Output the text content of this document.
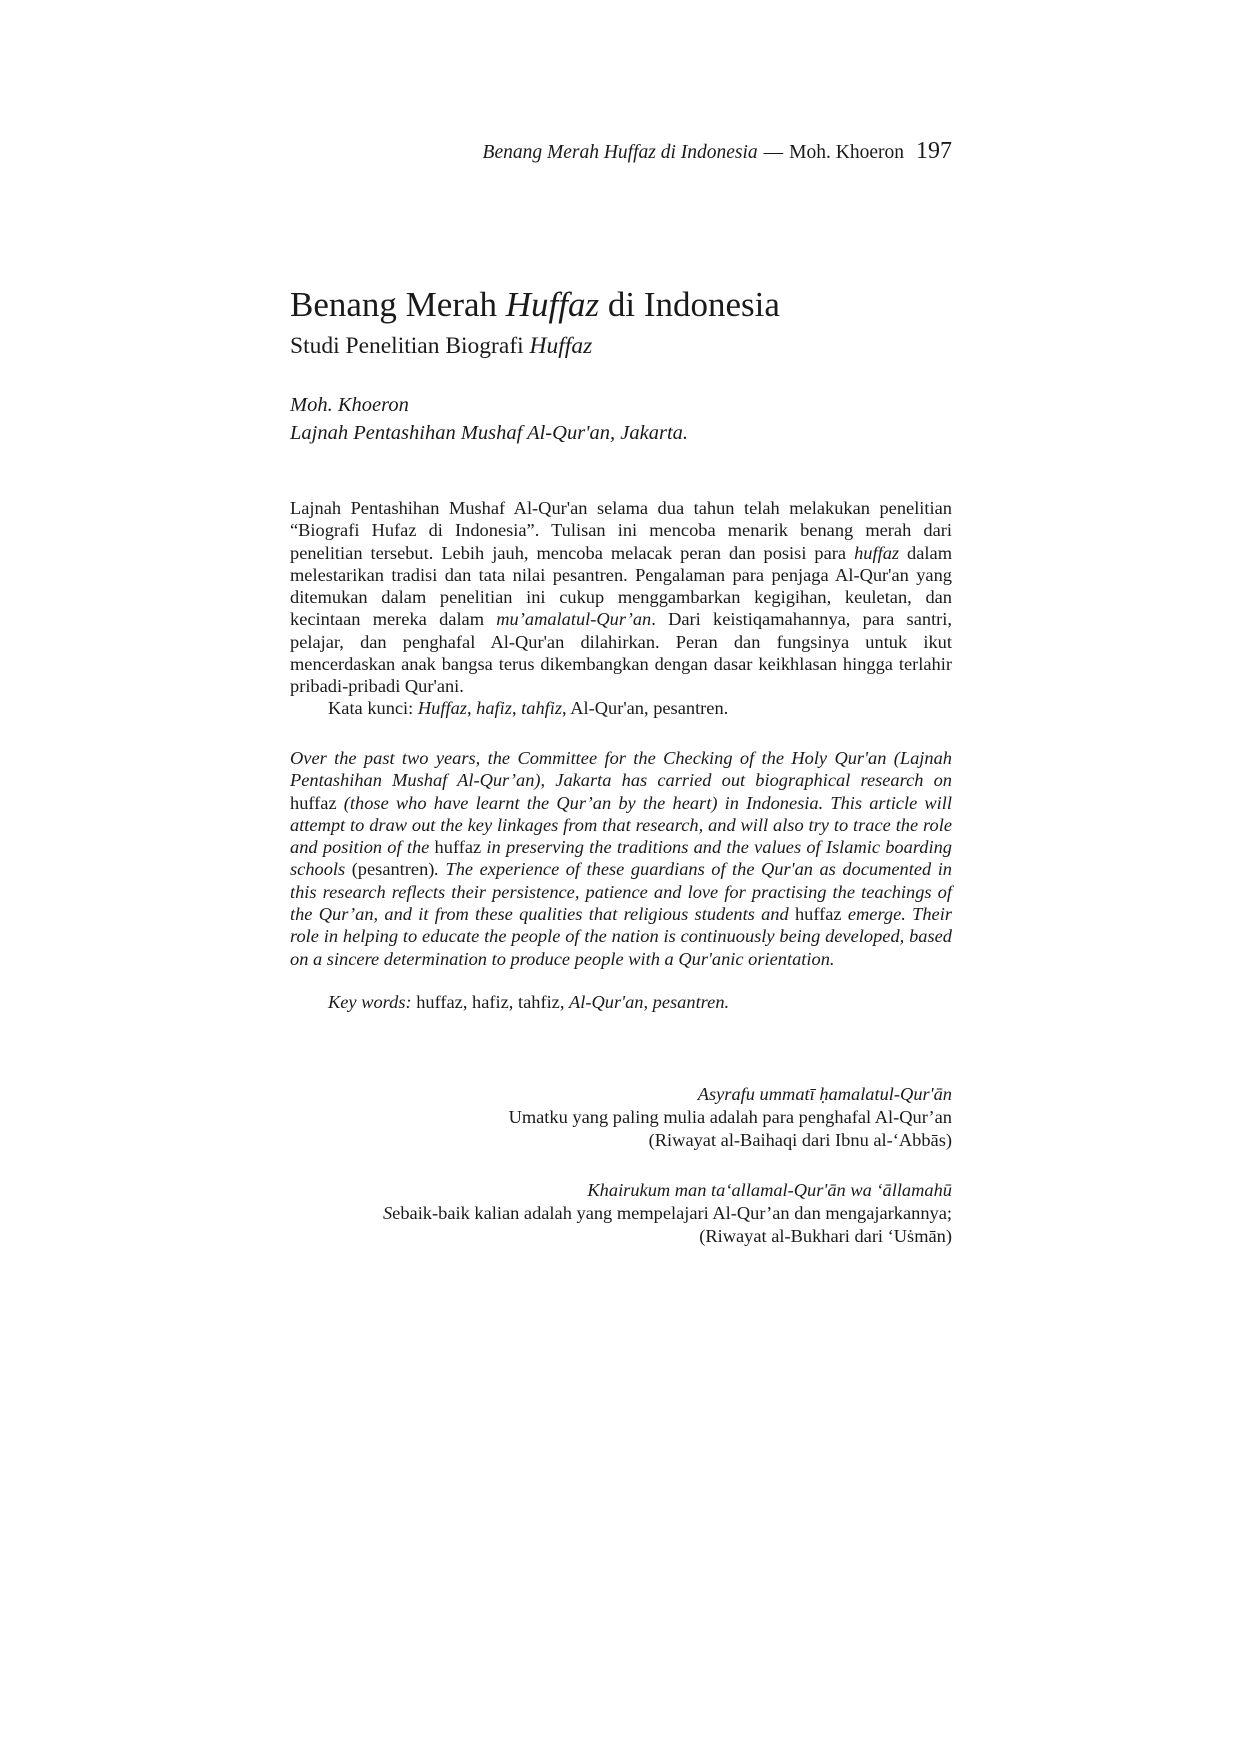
Benang Merah Huffaz di Indonesia — Moh. Khoeron 197
Benang Merah Huffaz di Indonesia
Studi Penelitian Biografi Huffaz
Moh. Khoeron
Lajnah Pentashihan Mushaf Al-Qur'an, Jakarta.

Lajnah Pentashihan Mushaf Al-Qur'an selama dua tahun telah melakukan penelitian “Biografi Hufaz di Indonesia”. Tulisan ini mencoba menarik benang merah dari penelitian tersebut. Lebih jauh, mencoba melacak peran dan posisi para huffaz dalam melestarikan tradisi dan tata nilai pesantren. Pengalaman para penjaga Al-Qur'an yang ditemukan dalam penelitian ini cukup menggambarkan kegigihan, keuletan, dan kecintaan mereka dalam mu’amalatul-Qur’an. Dari keistiqamahannya, para santri, pelajar, dan penghafal Al-Qur'an dilahirkan. Peran dan fungsinya untuk ikut mencerdaskan anak bangsa terus dikembangkan dengan dasar keikhlasan hingga terlahir pribadi-pribadi Qur'ani.

Kata kunci: Huffaz, hafiz, tahfiz, Al-Qur'an, pesantren.

Over the past two years, the Committee for the Checking of the Holy Qur'an (Lajnah Pentashihan Mushaf Al-Qur’an), Jakarta has carried out biographical research on huffaz (those who have learnt the Qur’an by the heart) in Indonesia. This article will attempt to draw out the key linkages from that research, and will also try to trace the role and position of the huffaz in preserving the traditions and the values of Islamic boarding schools (pesantren). The experience of these guardians of the Qur'an as documented in this research reflects their persistence, patience and love for practising the teachings of the Qur’an, and it from these qualities that religious students and huffaz emerge. Their role in helping to educate the people of the nation is continuously being developed, based on a sincere determination to produce people with a Qur'anic orientation.

Key words: huffaz, hafiz, tahfiz, Al-Qur'an, pesantren.
Asyrafu ummatī ḥamalatul-Qur'ān
Umatku yang paling mulia adalah para penghafal Al-Qur’an
(Riwayat al-Baihaqi dari Ibnu al-‘Abbās)
Khairukum man ta‘allamal-Qur'ān wa ‘āllamahū
Sebaik-baik kalian adalah yang mempelajari Al-Qur’an dan mengajarkannya;
(Riwayat al-Bukhari dari ‘Uṡmān)
